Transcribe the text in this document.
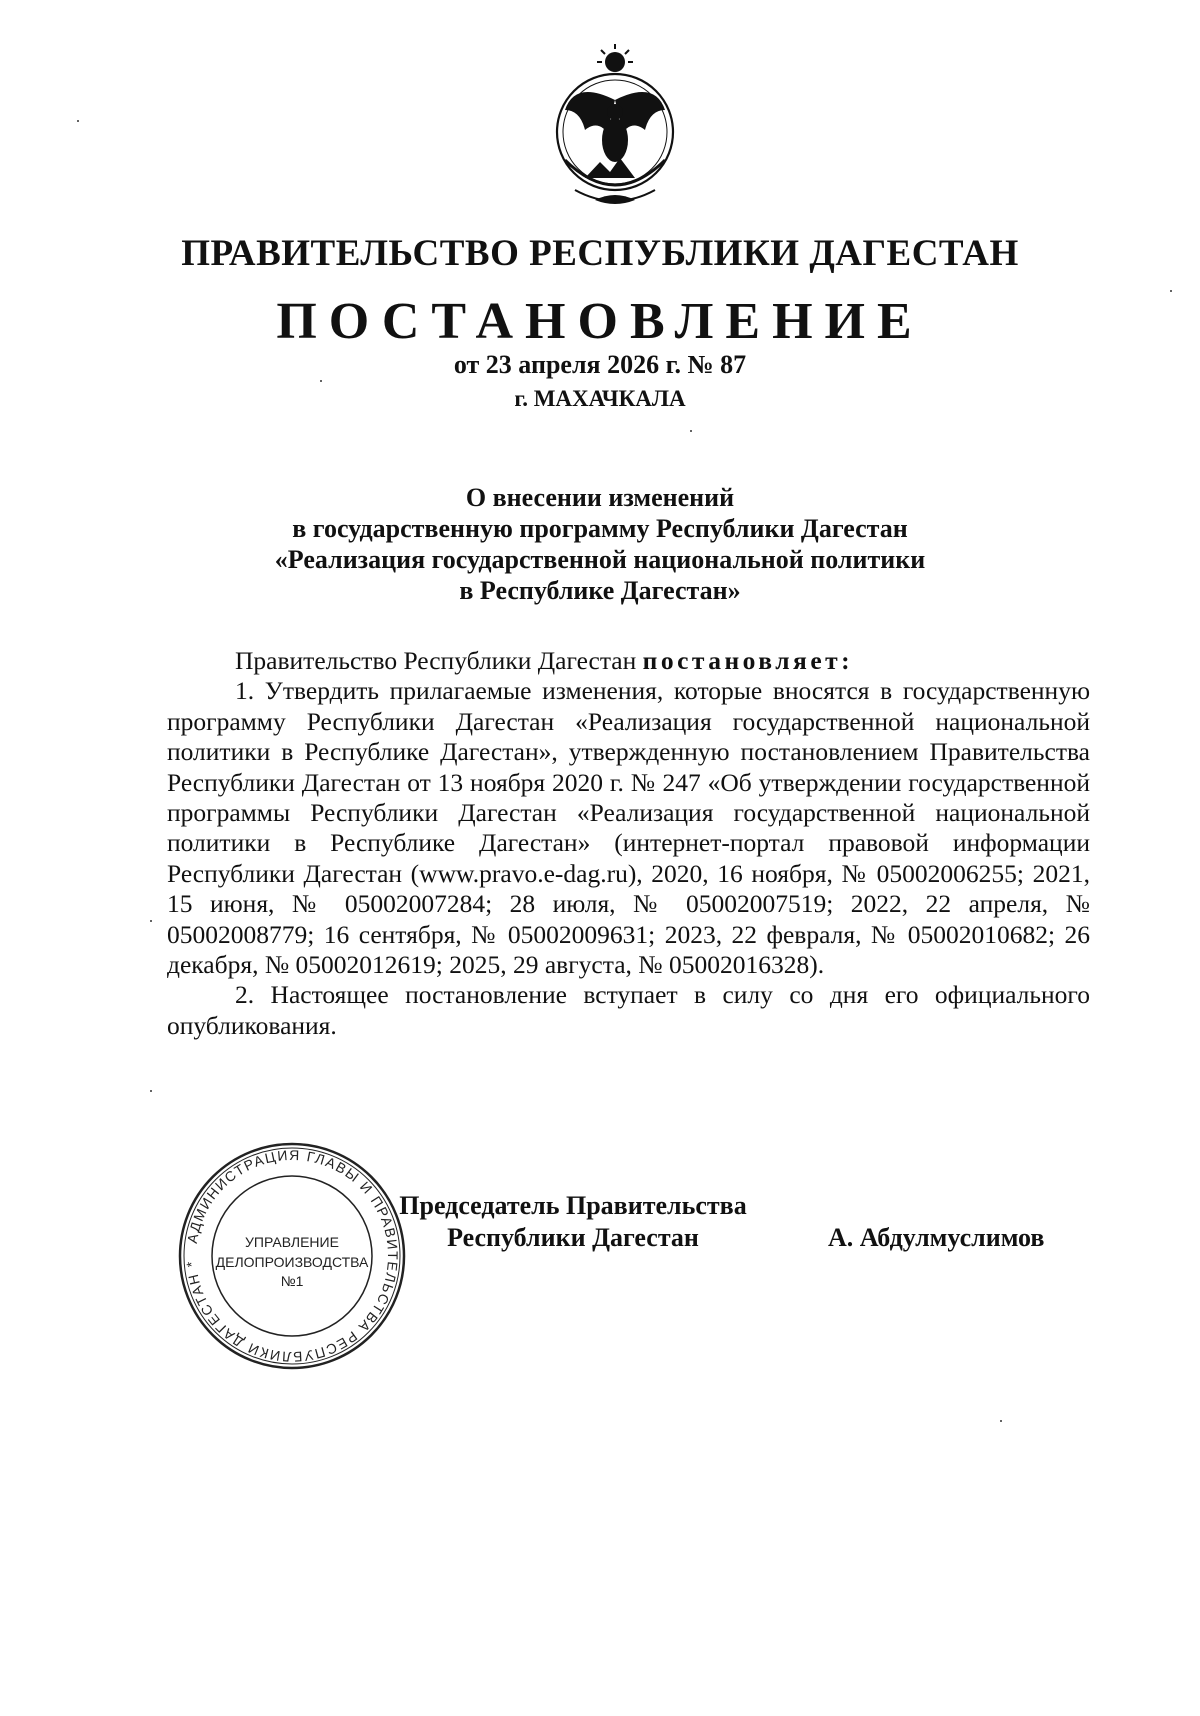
ПРАВИТЕЛЬСТВО РЕСПУБЛИКИ ДАГЕСТАН
ПОСТАНОВЛЕНИЕ
от 23 апреля 2026 г. № 87
г. МАХАЧКАЛА
О внесении изменений
в государственную программу Республики Дагестан
«Реализация государственной национальной политики
в Республике Дагестан»

Правительство Республики Дагестан постановляет:

1. Утвердить прилагаемые изменения, которые вносятся в государственную программу Республики Дагестан «Реализация государственной национальной политики в Республике Дагестан», утвержденную постановлением Правительства Республики Дагестан от 13 ноября 2020 г. № 247 «Об утверждении государственной программы Республики Дагестан «Реализация государственной национальной политики в Республике Дагестан» (интернет-портал правовой информации Республики Дагестан (www.pravo.e-dag.ru), 2020, 16 ноября, № 05002006255; 2021, 15 июня, № 05002007284; 28 июля, № 05002007519; 2022, 22 апреля, № 05002008779; 16 сентября, № 05002009631; 2023, 22 февраля, № 05002010682; 26 декабря, № 05002012619; 2025, 29 августа, № 05002016328).

2. Настоящее постановление вступает в силу со дня его официального опубликования.

АДМИНИСТРАЦИЯ ГЛАВЫ И ПРАВИТЕЛЬСТВА РЕСПУБЛИКИ ДАГЕСТАН *
УПРАВЛЕНИЕ
ДЕЛОПРОИЗВОДСТВА
№1
Председатель Правительства
Республики Дагестан	А. Абдулмуслимов
